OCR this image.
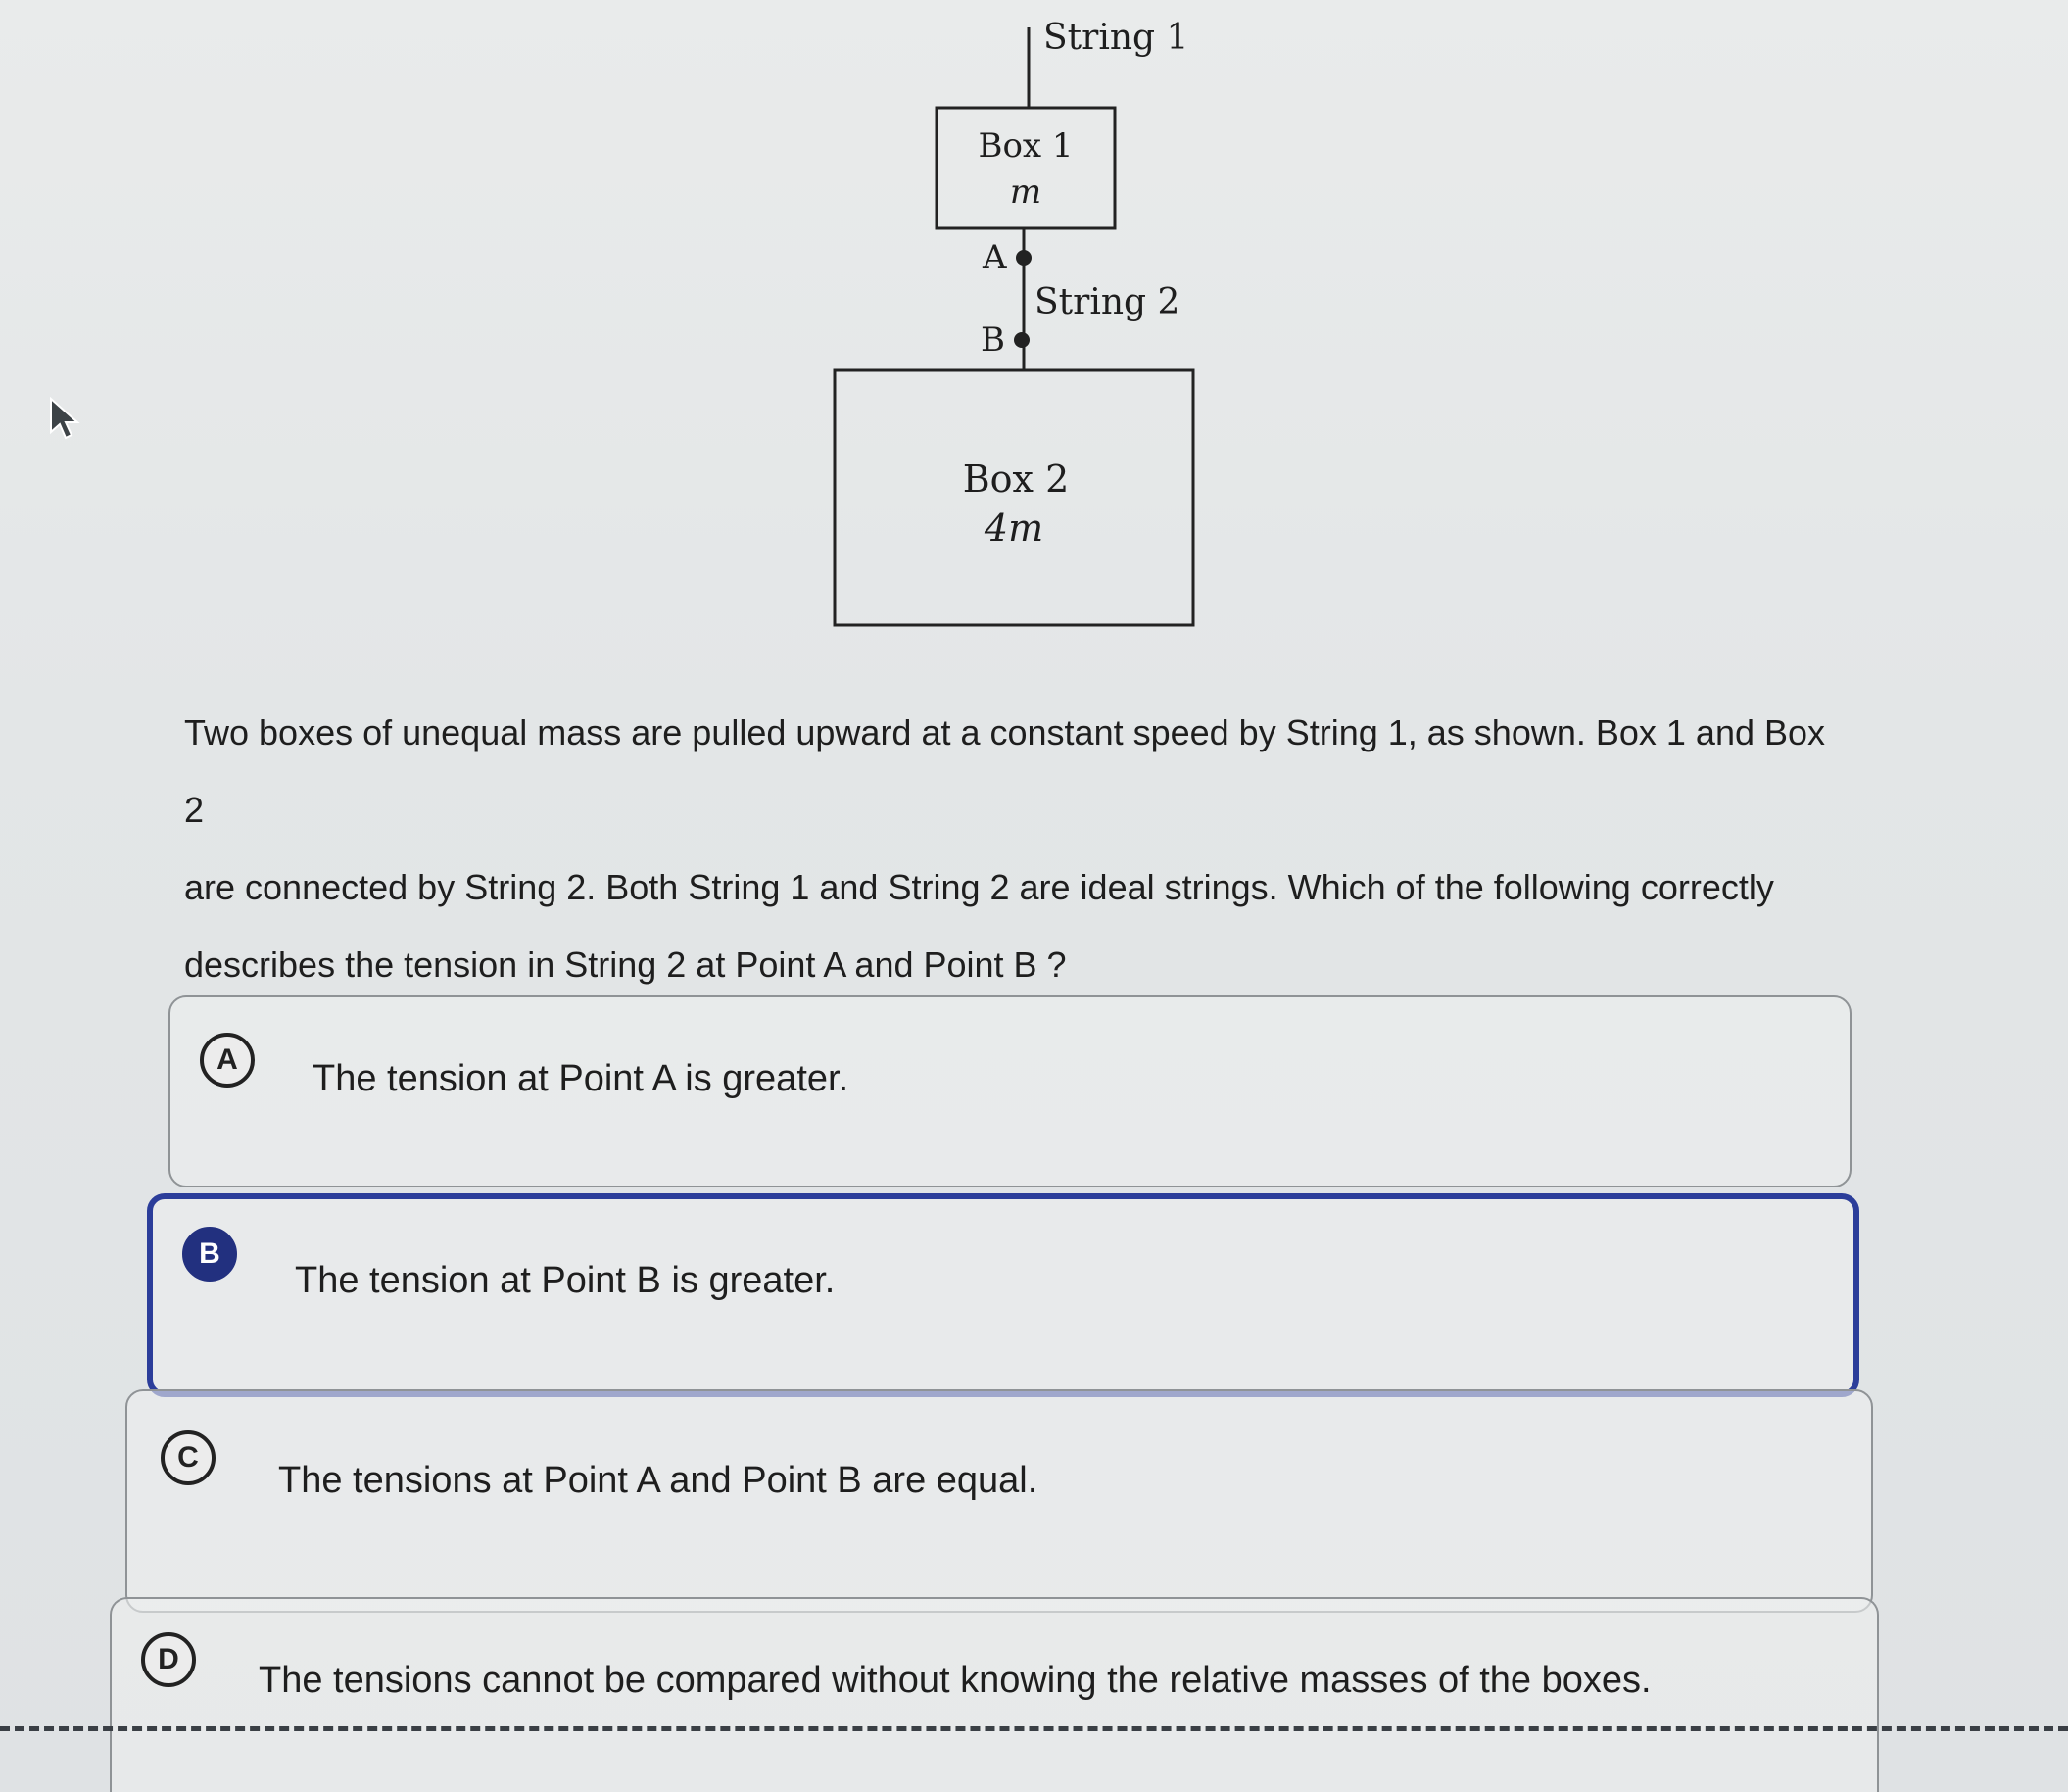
String 1
Box 1
m
A
B
String 2
Box 2
4m

Two boxes of unequal mass are pulled upward at a constant speed by String 1, as shown. Box 1 and Box 2

are connected by String 2. Both String 1 and String 2 are ideal strings. Which of the following correctly

describes the tension in String 2 at Point A and Point B ?

A	The tension at Point A is greater.
B
The tension at Point B is greater.
C
The tensions at Point A and Point B are equal.
D
The tensions cannot be compared without knowing the relative masses of the boxes.
